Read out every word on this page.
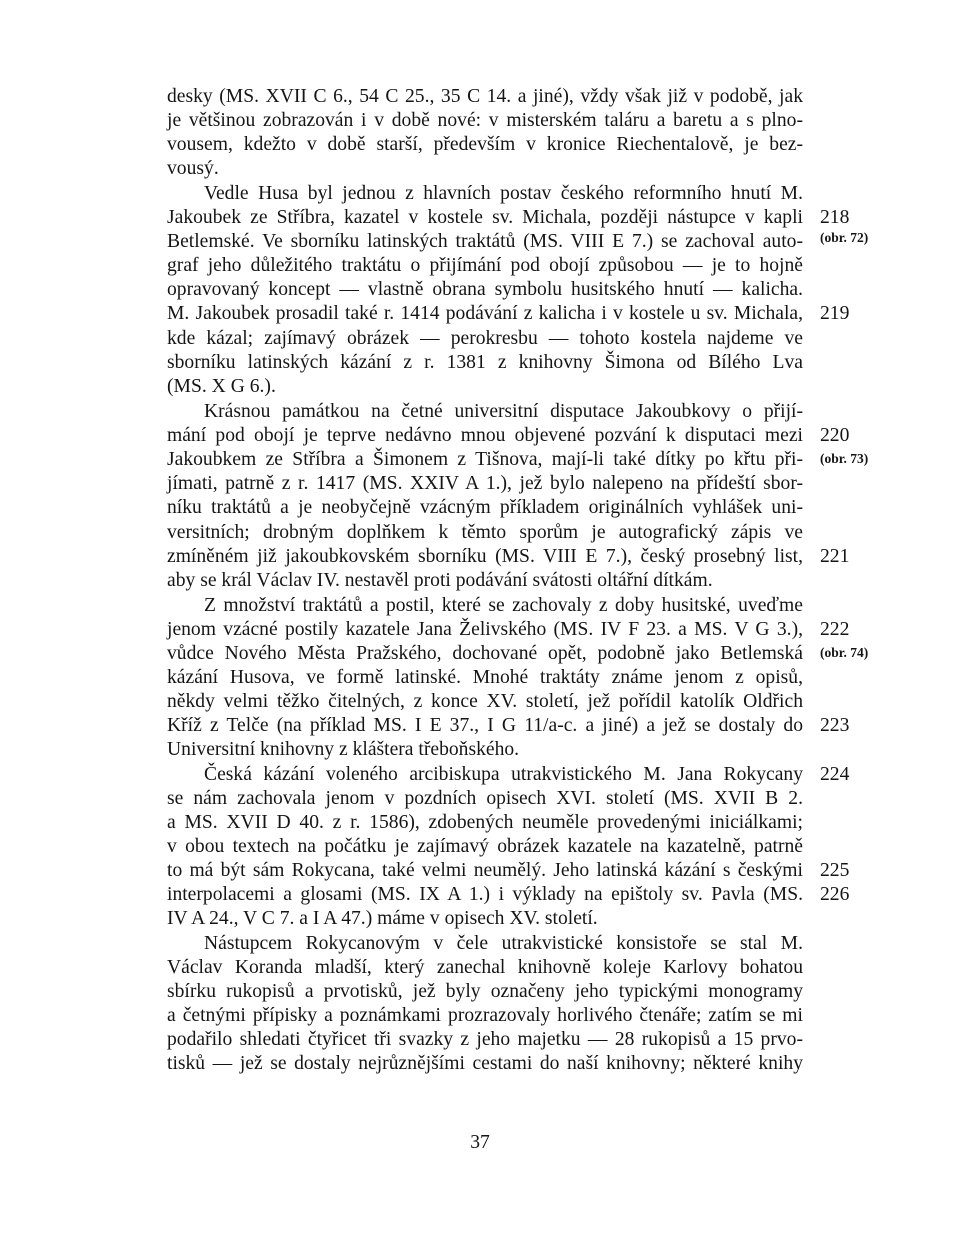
desky (MS. XVII C 6., 54 C 25., 35 C 14. a jiné), vždy však již v podobě, jak
je většinou zobrazován i v době nové: v misterském taláru a baretu a s plno-
vousem, kdežto v době starší, především v kronice Riechentalově, je bez-
vousý.
Vedle Husa byl jednou z hlavních postav českého reformního hnutí M.
Jakoubek ze Stříbra, kazatel v kostele sv. Michala, později nástupce v kapli
Betlemské. Ve sborníku latinských traktátů (MS. VIII E 7.) se zachoval auto-
graf jeho důležitého traktátu o přijímání pod obojí způsobou — je to hojně
opravovaný koncept — vlastně obrana symbolu husitského hnutí — kalicha.
M. Jakoubek prosadil také r. 1414 podávání z kalicha i v kostele u sv. Michala,
kde kázal; zajímavý obrázek — perokresbu — tohoto kostela najdeme ve
sborníku latinských kázání z r. 1381 z knihovny Šimona od Bílého Lva
(MS. X G 6.).
Krásnou památkou na četné universitní disputace Jakoubkovy o přijí-
mání pod obojí je teprve nedávno mnou objevené pozvání k disputaci mezi
Jakoubkem ze Stříbra a Šimonem z Tišnova, mají-li také dítky po křtu při-
jímati, patrně z r. 1417 (MS. XXIV A 1.), jež bylo nalepeno na přídeští sbor-
níku traktátů a je neobyčejně vzácným příkladem originálních vyhlášek uni-
versitních; drobným doplňkem k těmto sporům je autografický zápis ve
zmíněném již jakoubkovském sborníku (MS. VIII E 7.), český prosebný list,
aby se král Václav IV. nestavěl proti podávání svátosti oltářní dítkám.
Z množství traktátů a postil, které se zachovaly z doby husitské, uveďme
jenom vzácné postily kazatele Jana Želivského (MS. IV F 23. a MS. V G 3.),
vůdce Nového Města Pražského, dochované opět, podobně jako Betlemská
kázání Husova, ve formě latinské. Mnohé traktáty známe jenom z opisů,
někdy velmi těžko čitelných, z konce XV. století, jež pořídil katolík Oldřich
Kříž z Telče (na příklad MS. I E 37., I G 11/a-c. a jiné) a jež se dostaly do
Universitní knihovny z kláštera třeboňského.
Česká kázání voleného arcibiskupa utrakvistického M. Jana Rokycany
se nám zachovala jenom v pozdních opisech XVI. století (MS. XVII B 2.
a MS. XVII D 40. z r. 1586), zdobených neuměle provedenými iniciálkami;
v obou textech na počátku je zajímavý obrázek kazatele na kazatelně, patrně
to má být sám Rokycana, také velmi neumělý. Jeho latinská kázání s českými
interpolacemi a glosami (MS. IX A 1.) i výklady na epištoly sv. Pavla (MS.
IV A 24., V C 7. a I A 47.) máme v opisech XV. století.
Nástupcem Rokycanovým v čele utrakvistické konsistoře se stal M.
Václav Koranda mladší, který zanechal knihovně koleje Karlovy bohatou
sbírku rukopisů a prvotisků, jež byly označeny jeho typickými monogramy
a četnými přípisky a poznámkami prozrazovaly horlivého čtenáře; zatím se mi
podařilo shledati čtyřicet tři svazky z jeho majetku — 28 rukopisů a 15 prvo-
tisků — jež se dostaly nejrůznějšími cestami do naší knihovny; některé knihy
218
(obr. 72)
219
220
(obr. 73)
221
222
(obr. 74)
223
224
225
226
37
